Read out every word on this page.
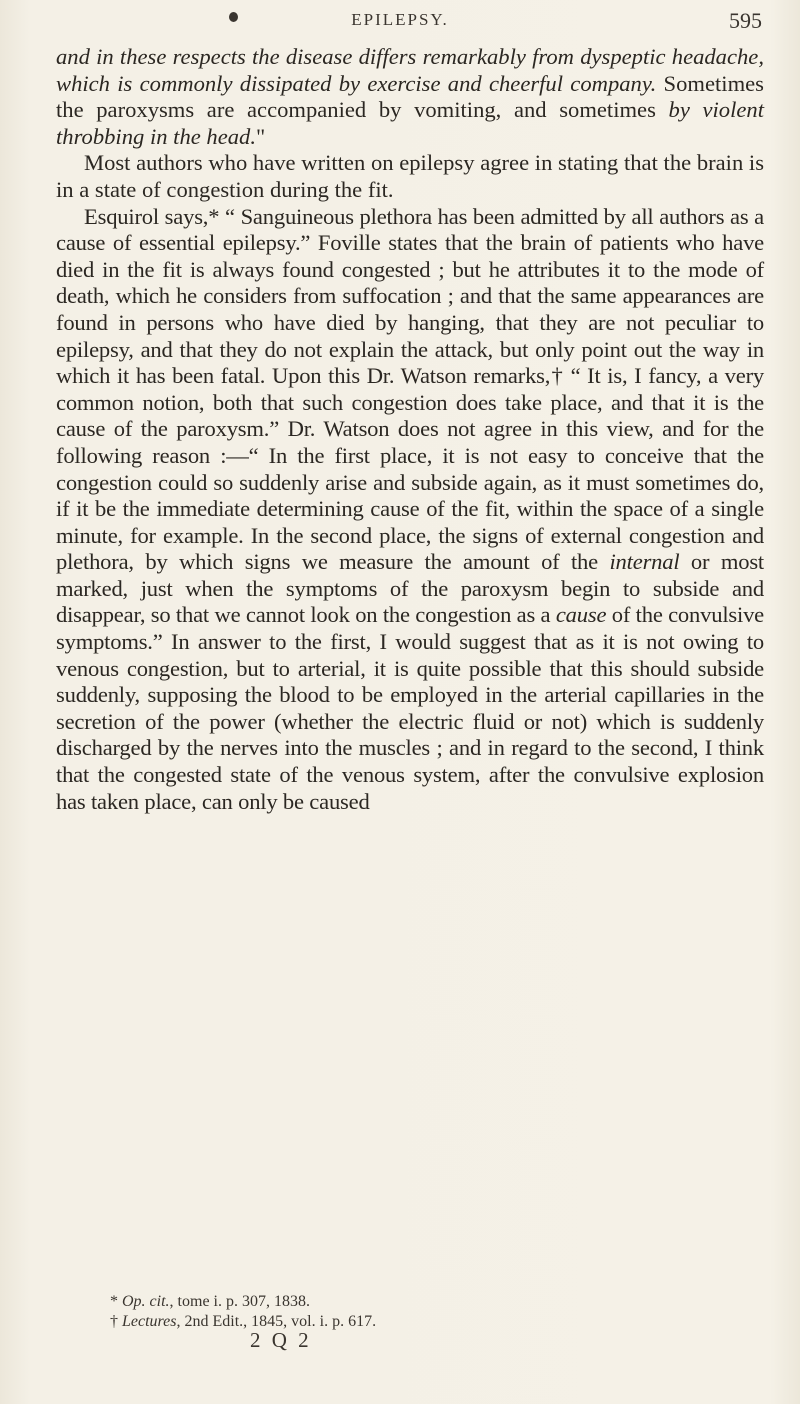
EPILEPSY.	595

and in these respects the disease differs remarkably from dyspeptic headache, which is commonly dissipated by exercise and cheerful company. Sometimes the paroxysms are accompanied by vomiting, and sometimes by violent throbbing in the head."

Most authors who have written on epilepsy agree in stating that the brain is in a state of congestion during the fit.

Esquirol says,* “ Sanguineous plethora has been admitted by all authors as a cause of essential epilepsy.” Foville states that the brain of patients who have died in the fit is always found congested ; but he attributes it to the mode of death, which he considers from suffocation ; and that the same appearances are found in persons who have died by hanging, that they are not peculiar to epilepsy, and that they do not explain the attack, but only point out the way in which it has been fatal. Upon this Dr. Watson remarks,† “ It is, I fancy, a very common notion, both that such congestion does take place, and that it is the cause of the paroxysm.” Dr. Watson does not agree in this view, and for the following reason :—“ In the first place, it is not easy to conceive that the congestion could so suddenly arise and subside again, as it must sometimes do, if it be the immediate determining cause of the fit, within the space of a single minute, for example. In the second place, the signs of external congestion and plethora, by which signs we measure the amount of the internal or most marked, just when the symptoms of the paroxysm begin to subside and disappear, so that we cannot look on the congestion as a cause of the convulsive symptoms.” In answer to the first, I would suggest that as it is not owing to venous congestion, but to arterial, it is quite possible that this should subside suddenly, supposing the blood to be employed in the arterial capillaries in the secretion of the power (whether the electric fluid or not) which is suddenly discharged by the nerves into the muscles ; and in regard to the second, I think that the congested state of the venous system, after the convulsive explosion has taken place, can only be caused

* Op. cit., tome i. p. 307, 1838.
† Lectures, 2nd Edit., 1845, vol. i. p. 617.
2 Q 2
